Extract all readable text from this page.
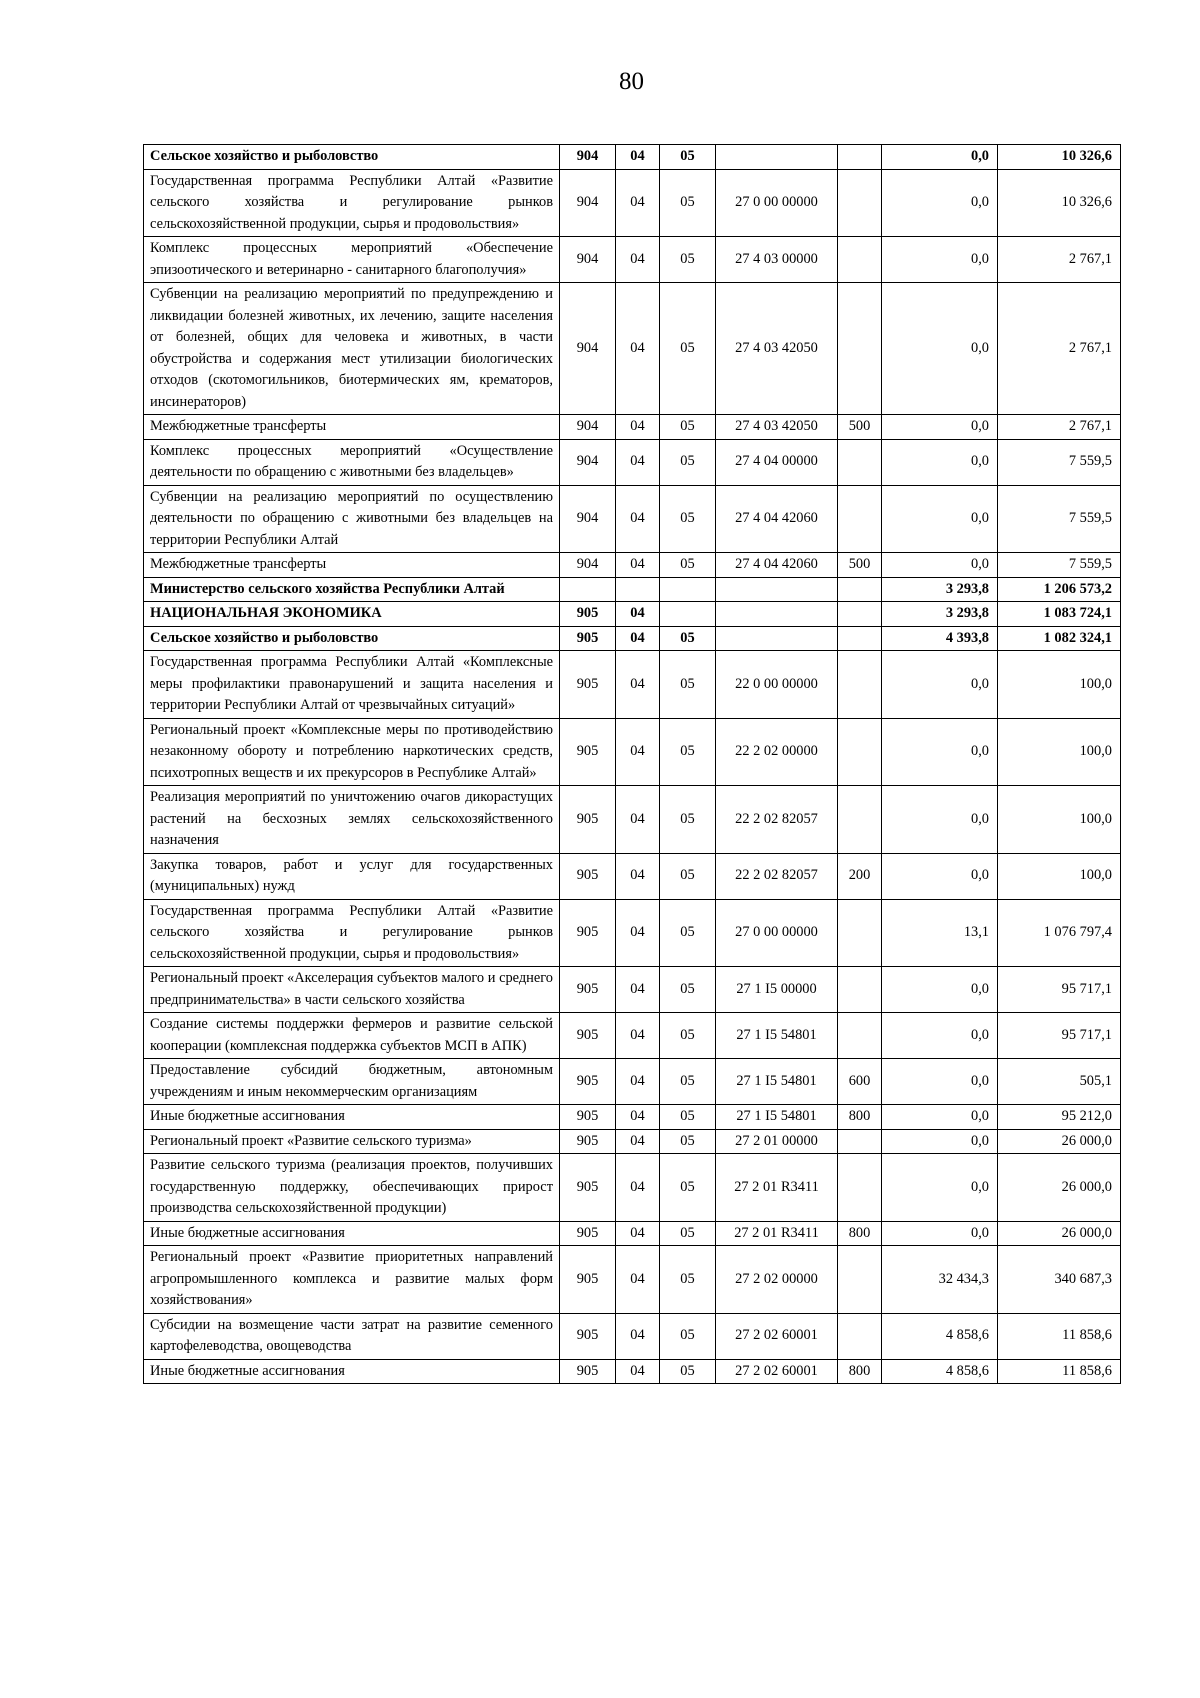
80
Сельское хозяйство и рыболовство	904	04	05			0,0	10 326,6
Государственная программа Республики Алтай «Развитие сельского хозяйства и регулирование рынков сельскохозяйственной продукции, сырья и продовольствия»	904	04	05	27 0 00 00000		0,0	10 326,6
Комплекс процессных мероприятий «Обеспечение эпизоотического и ветеринарно - санитарного благополучия»	904	04	05	27 4 03 00000		0,0	2 767,1
Субвенции на реализацию мероприятий по предупреждению и ликвидации болезней животных, их лечению, защите населения от болезней, общих для человека и животных, в части обустройства и содержания мест утилизации биологических отходов (скотомогильников, биотермических ям, крематоров, инсинераторов)	904	04	05	27 4 03 42050		0,0	2 767,1
Межбюджетные трансферты	904	04	05	27 4 03 42050	500	0,0	2 767,1
Комплекс процессных мероприятий «Осуществление деятельности по обращению с животными без владельцев»	904	04	05	27 4 04 00000		0,0	7 559,5
Субвенции на реализацию мероприятий по осуществлению деятельности по обращению с животными без владельцев на территории Республики Алтай	904	04	05	27 4 04 42060		0,0	7 559,5
Межбюджетные трансферты	904	04	05	27 4 04 42060	500	0,0	7 559,5
Министерство сельского хозяйства Республики Алтай						3 293,8	1 206 573,2
НАЦИОНАЛЬНАЯ ЭКОНОМИКА	905	04				3 293,8	1 083 724,1
Сельское хозяйство и рыболовство	905	04	05			4 393,8	1 082 324,1
Государственная программа Республики Алтай «Комплексные меры профилактики правонарушений и защита населения и территории Республики Алтай от чрезвычайных ситуаций»	905	04	05	22 0 00 00000		0,0	100,0
Региональный проект «Комплексные меры по противодействию незаконному обороту и потреблению наркотических средств, психотропных веществ и их прекурсоров в Республике Алтай»	905	04	05	22 2 02 00000		0,0	100,0
Реализация мероприятий по уничтожению очагов дикорастущих растений на бесхозных землях сельскохозяйственного назначения	905	04	05	22 2 02 82057		0,0	100,0
Закупка товаров, работ и услуг для государственных (муниципальных) нужд	905	04	05	22 2 02 82057	200	0,0	100,0
Государственная программа Республики Алтай «Развитие сельского хозяйства и регулирование рынков сельскохозяйственной продукции, сырья и продовольствия»	905	04	05	27 0 00 00000		13,1	1 076 797,4
Региональный проект «Акселерация субъектов малого и среднего предпринимательства» в части сельского хозяйства	905	04	05	27 1 I5 00000		0,0	95 717,1
Создание системы поддержки фермеров и развитие сельской кооперации (комплексная поддержка субъектов МСП в АПК)	905	04	05	27 1 I5 54801		0,0	95 717,1
Предоставление субсидий бюджетным, автономным учреждениям и иным некоммерческим организациям	905	04	05	27 1 I5 54801	600	0,0	505,1
Иные бюджетные ассигнования	905	04	05	27 1 I5 54801	800	0,0	95 212,0
Региональный проект «Развитие сельского туризма»	905	04	05	27 2 01 00000		0,0	26 000,0
Развитие сельского туризма (реализация проектов, получивших государственную поддержку, обеспечивающих прирост производства сельскохозяйственной продукции)	905	04	05	27 2 01 R3411		0,0	26 000,0
Иные бюджетные ассигнования	905	04	05	27 2 01 R3411	800	0,0	26 000,0
Региональный проект «Развитие приоритетных направлений агропромышленного комплекса и развитие малых форм хозяйствования»	905	04	05	27 2 02 00000		32 434,3	340 687,3
Субсидии на возмещение части затрат на развитие семенного картофелеводства, овощеводства	905	04	05	27 2 02 60001		4 858,6	11 858,6
Иные бюджетные ассигнования	905	04	05	27 2 02 60001	800	4 858,6	11 858,6
